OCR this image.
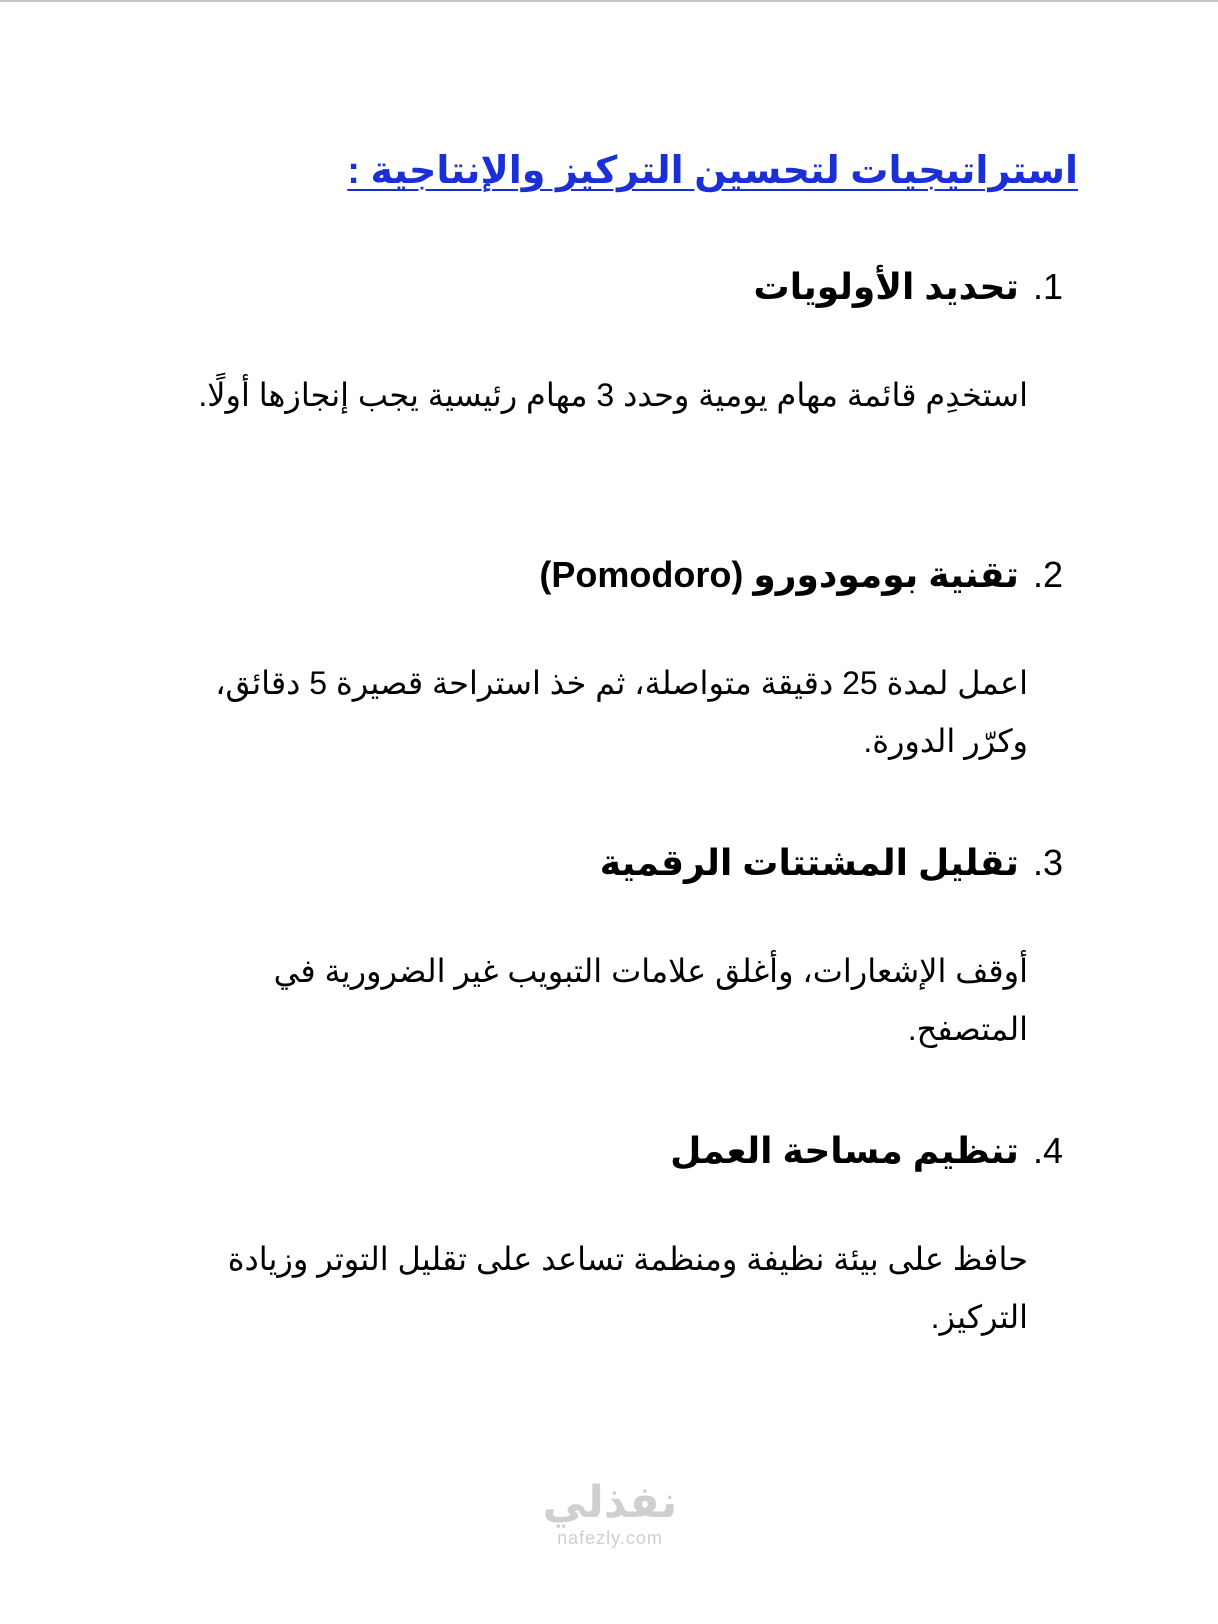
استراتيجيات لتحسين التركيز والإنتاجية :
1.
تحديد الأولويات

استخدِم قائمة مهام يومية وحدد 3 مهام رئيسية يجب إنجازها أولًا.

2.
تقنية بومودورو (Pomodoro)

اعمل لمدة 25 دقيقة متواصلة، ثم خذ استراحة قصيرة 5 دقائق، وكرّر الدورة.

3.
تقليل المشتتات الرقمية

أوقف الإشعارات، وأغلق علامات التبويب غير الضرورية في المتصفح.

4.
تنظيم مساحة العمل

حافظ على بيئة نظيفة ومنظمة تساعد على تقليل التوتر وزيادة التركيز.

نفذلي
nafezly.com
